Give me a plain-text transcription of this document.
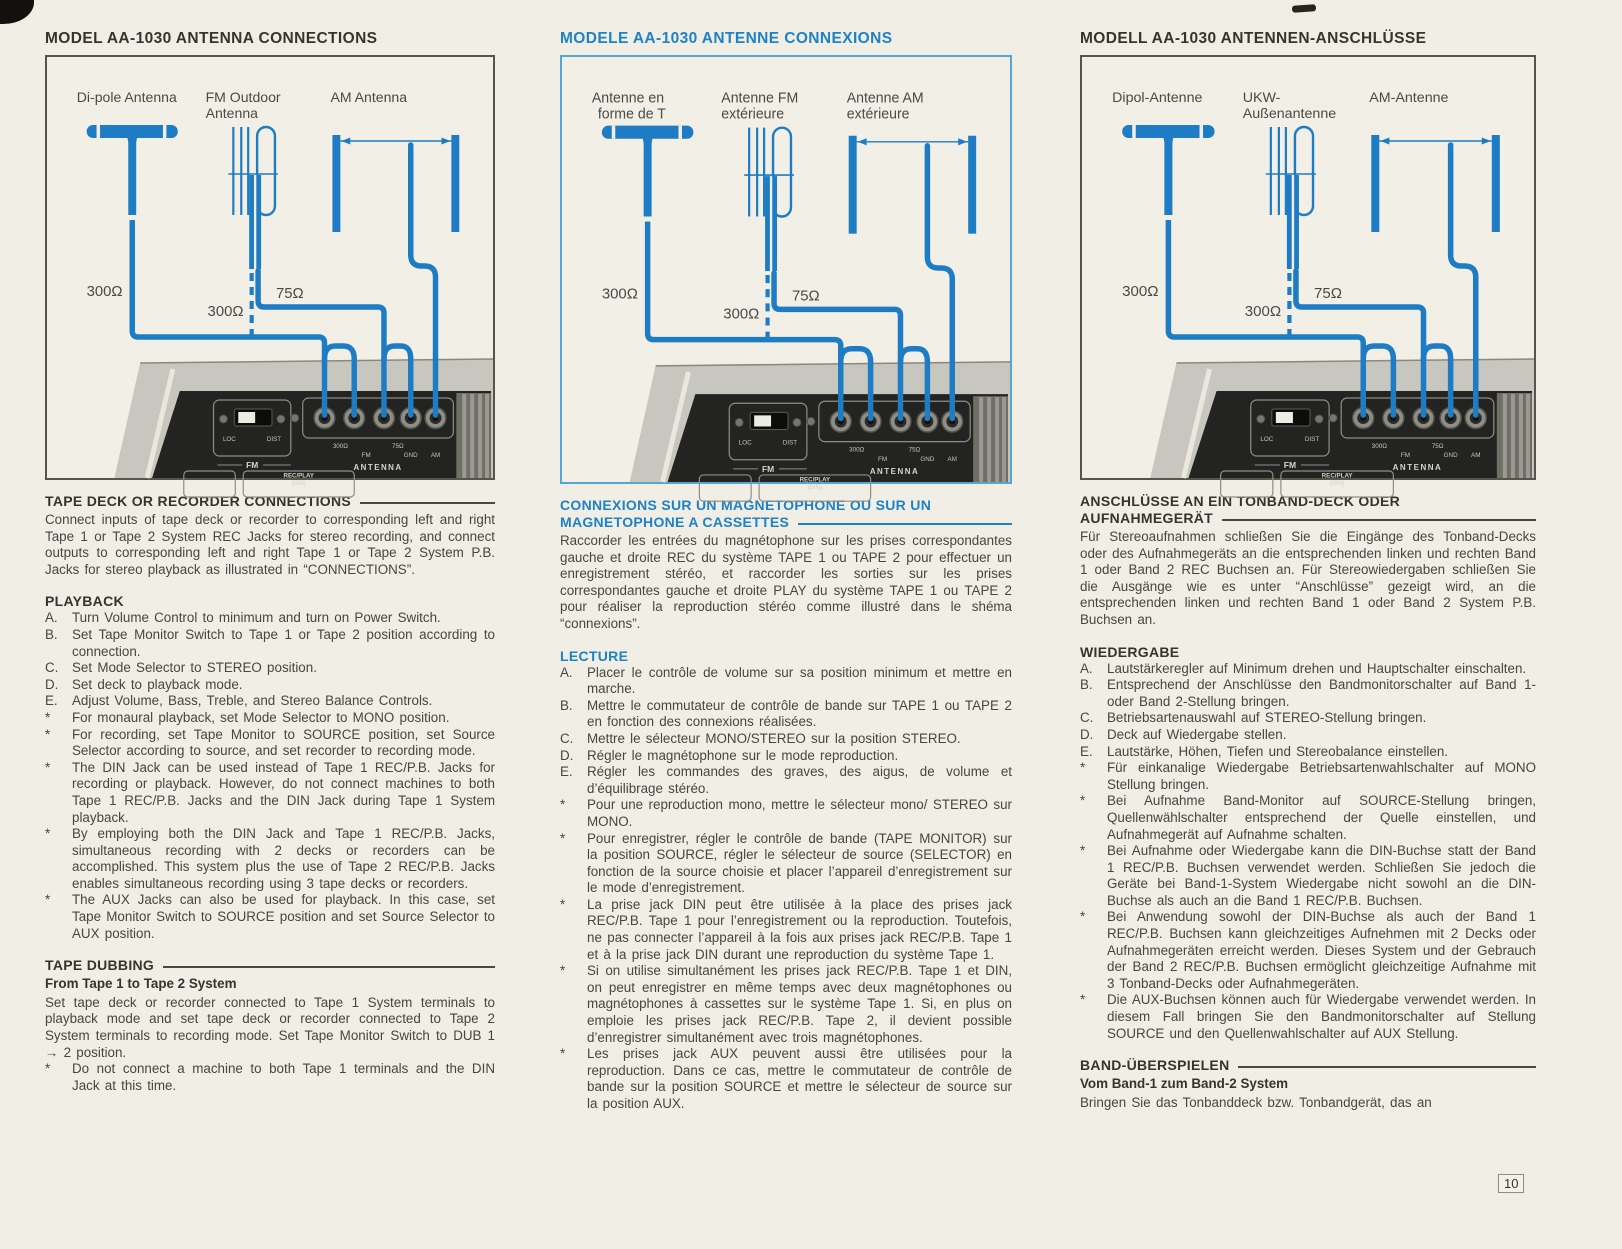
MODEL AA-1030 ANTENNA CONNECTIONS
LOC	DIST
FM
300Ω	75Ω
FM	GND AM
ANTENNA
REC/PLAY
(DIN)
Di-pole Antenna FM Outdoor
Antenna
AM Antenna
300Ω	75Ω
300Ω
TAPE DECK OR RECORDER CONNECTIONS
Connect inputs of tape deck or recorder to corresponding left and right Tape 1 or Tape 2 System REC Jacks for stereo recording, and connect outputs to corresponding left and right Tape 1 or Tape 2 System P.B. Jacks for stereo playback as illustrated in “CONNECTIONS”.
PLAYBACK
A.	Turn Volume Control to minimum and turn on Power Switch.
B.	Set Tape Monitor Switch to Tape 1 or Tape 2 position according to connection.
C.	Set Mode Selector to STEREO position.
D.	Set deck to playback mode.
E.	Adjust Volume, Bass, Treble, and Stereo Balance Controls.
*	For monaural playback, set Mode Selector to MONO position.
*	For recording, set Tape Monitor to SOURCE position, set Source Selector according to source, and set recorder to recording mode.
*	The DIN Jack can be used instead of Tape 1 REC/P.B. Jacks for recording or playback. However, do not connect machines to both Tape 1 REC/P.B. Jacks and the DIN Jack during Tape 1 System playback.
*	By employing both the DIN Jack and Tape 1 REC/P.B. Jacks, simultaneous recording with 2 decks or recorders can be accomplished. This system plus the use of Tape 2 REC/P.B. Jacks enables simultaneous recording using 3 tape decks or recorders.
*	The AUX Jacks can also be used for playback. In this case, set Tape Monitor Switch to SOURCE position and set Source Selector to AUX position.
TAPE DUBBING
From Tape 1 to Tape 2 System
Set tape deck or recorder connected to Tape 1 System terminals to playback mode and set tape deck or recorder connected to Tape 2 System terminals to recording mode. Set Tape Monitor Switch to DUB 1 → 2 position.
*	Do not connect a machine to both Tape 1 terminals and the DIN Jack at this time.
MODELE AA-1030 ANTENNE CONNEXIONS
LOC	DIST
FM
300Ω	75Ω
FM	GND AM
ANTENNA
REC/PLAY
(DIN)
Antenne en
forme de T
Antenne FM
extérieure
Antenne AM
extérieure
300Ω	75Ω
300Ω
CONNEXIONS SUR UN MAGNETOPHONE OU SUR UN
MAGNETOPHONE A CASSETTES
Raccorder les entrées du magnétophone sur les prises correspondantes gauche et droite REC du système TAPE 1 ou TAPE 2 pour effectuer un enregistrement stéréo, et raccorder les sorties sur les prises correspondantes gauche et droite PLAY du système TAPE 1 ou TAPE 2 pour réaliser la reproduction stéréo comme illustré dans le shéma “connexions”.
LECTURE
A.	Placer le contrôle de volume sur sa position minimum et mettre en marche.
B.	Mettre le commutateur de contrôle de bande sur TAPE 1 ou TAPE 2 en fonction des connexions réalisées.
C.	Mettre le sélecteur MONO/STEREO sur la position STEREO.
D.	Régler le magnétophone sur le mode reproduction.
E.	Régler les commandes des graves, des aigus, de volume et d’équilibrage stéréo.
*	Pour une reproduction mono, mettre le sélecteur mono/ STEREO sur MONO.
*	Pour enregistrer, régler le contrôle de bande (TAPE MONITOR) sur la position SOURCE, régler le sélecteur de source (SELECTOR) en fonction de la source choisie et placer l’appareil d’enregistrement sur le mode d’enregistrement.
*	La prise jack DIN peut être utilisée à la place des prises jack REC/P.B. Tape 1 pour l’enregistrement ou la reproduction. Toutefois, ne pas connecter l’appareil à la fois aux prises jack REC/P.B. Tape 1 et à la prise jack DIN durant une reproduction du système Tape 1.
*	Si on utilise simultanément les prises jack REC/P.B. Tape 1 et DIN, on peut enregistrer en même temps avec deux magnétophones ou magnétophones à cassettes sur le système Tape 1. Si, en plus on emploie les prises jack REC/P.B. Tape 2, il devient possible d’enregistrer simultanément avec trois magnétophones.
*	Les prises jack AUX peuvent aussi être utilisées pour la reproduction. Dans ce cas, mettre le commutateur de contrôle de bande sur la position SOURCE et mettre le sélecteur de source sur la position AUX.
MODELL AA-1030 ANTENNEN-ANSCHLÜSSE
LOC	DIST
FM
300Ω	75Ω
FM	GND AM
ANTENNA
REC/PLAY
(DIN)
Dipol-Antenne	UKW-
Außenantenne
AM-Antenne
300Ω	75Ω
300Ω
ANSCHLÜSSE AN EIN TONBAND-DECK ODER
AUFNAHMEGERÄT
Für Stereoaufnahmen schließen Sie die Eingänge des Tonband-Decks oder des Aufnahmegeräts an die entsprechenden linken und rechten Band 1 oder Band 2 REC Buchsen an. Für Stereowiedergaben schließen Sie die Ausgänge wie es unter “Anschlüsse” gezeigt wird, an die entsprechenden linken und rechten Band 1 oder Band 2 System P.B. Buchsen an.
WIEDERGABE
A.	Lautstärkeregler auf Minimum drehen und Hauptschalter einschalten.
B.	Entsprechend der Anschlüsse den Bandmonitorschalter auf Band 1- oder Band 2-Stellung bringen.
C.	Betriebsartenauswahl auf STEREO-Stellung bringen.
D.	Deck auf Wiedergabe stellen.
E.	Lautstärke, Höhen, Tiefen und Stereobalance einstellen.
*	Für einkanalige Wiedergabe Betriebsartenwahlschalter auf MONO Stellung bringen.
*	Bei Aufnahme Band-Monitor auf SOURCE-Stellung bringen, Quellenwählschalter entsprechend der Quelle einstellen, und Aufnahmegerät auf Aufnahme schalten.
*	Bei Aufnahme oder Wiedergabe kann die DIN-Buchse statt der Band 1 REC/P.B. Buchsen verwendet werden. Schließen Sie jedoch die Geräte bei Band-1-System Wiedergabe nicht sowohl an die DIN-Buchse als auch an die Band 1 REC/P.B. Buchsen.
*	Bei Anwendung sowohl der DIN-Buchse als auch der Band 1 REC/P.B. Buchsen kann gleichzeitiges Aufnehmen mit 2 Decks oder Aufnahmegeräten erreicht werden. Dieses System und der Gebrauch der Band 2 REC/P.B. Buchsen ermöglicht gleichzeitige Aufnahme mit 3 Tonband-Decks oder Aufnahmegeräten.
*	Die AUX-Buchsen können auch für Wiedergabe verwendet werden. In diesem Fall bringen Sie den Bandmonitorschalter auf Stellung SOURCE und den Quellenwahlschalter auf AUX Stellung.
BAND-ÜBERSPIELEN
Vom Band-1 zum Band-2 System
Bringen Sie das Tonbanddeck bzw. Tonbandgerät, das an
10
